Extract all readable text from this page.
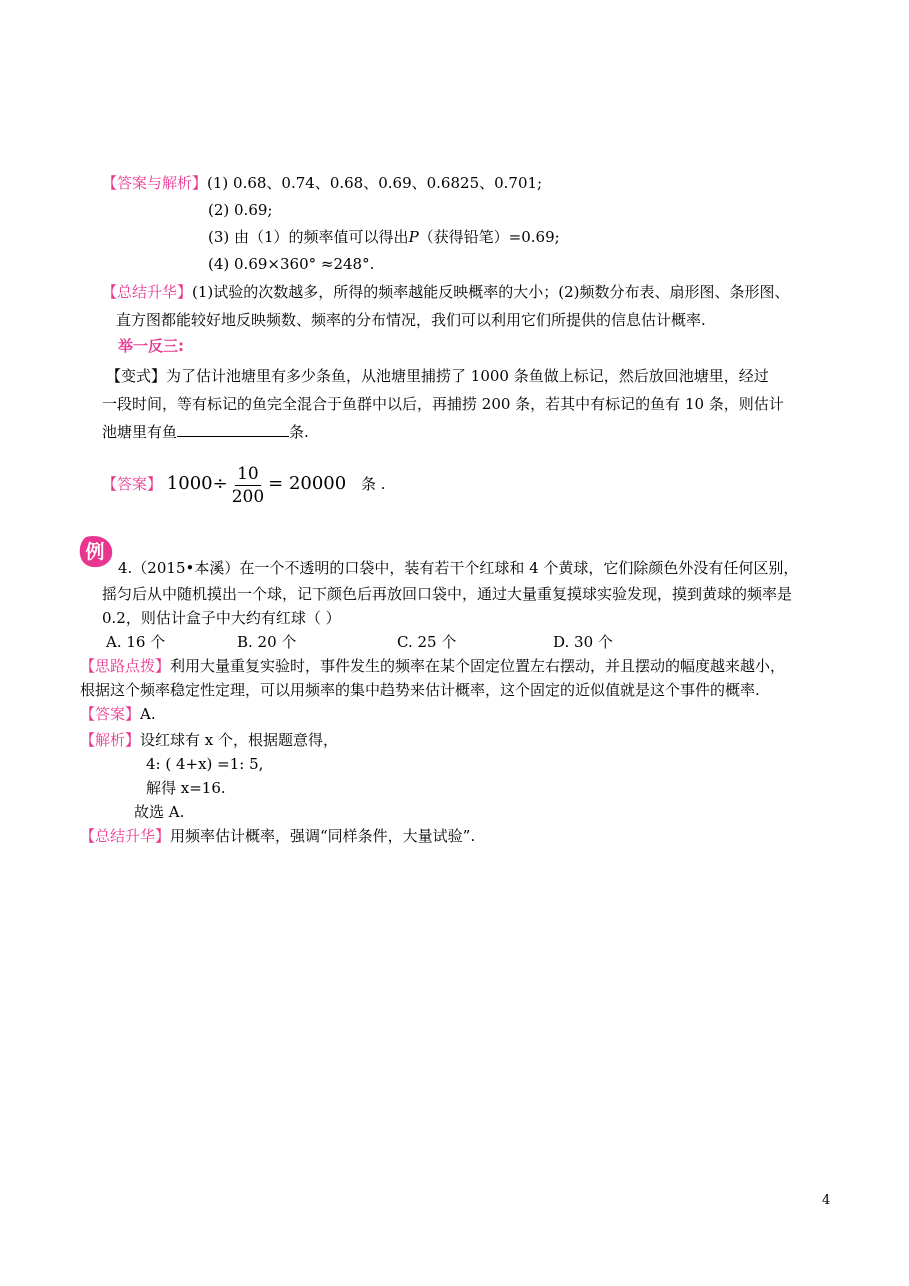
【答案与解析】(1) 0.68、0.74、0.68、0.69、0.6825、0.701;
(2) 0.69;
(3) 由（1）的频率值可以得出P（获得铅笔）=0.69;
(4) 0.69×360° ≈248°.
【总结升华】(1)试验的次数越多，所得的频率越能反映概率的大小；(2)频数分布表、扇形图、条形图、
直方图都能较好地反映频数、频率的分布情况，我们可以利用它们所提供的信息估计概率.
举一反三:
【变式】为了估计池塘里有多少条鱼，从池塘里捕捞了 1000 条鱼做上标记，然后放回池塘里，经过
一段时间，等有标记的鱼完全混合于鱼群中以后，再捕捞 200 条，若其中有标记的鱼有 10 条，则估计
池塘里有鱼	条.
【答案】 $1000\div \frac{10}{200} = 20000$ 条 .
例
4.（2015•本溪）在一个不透明的口袋中，装有若干个红球和 4 个黄球，它们除颜色外没有任何区别，
摇匀后从中随机摸出一个球，记下颜色后再放回口袋中，通过大量重复摸球实验发现，摸到黄球的频率是
0.2，则估计盒子中大约有红球（ ）
A. 16 个	B. 20 个	C. 25 个	D. 30 个
【思路点拨】利用大量重复实验时，事件发生的频率在某个固定位置左右摆动，并且摆动的幅度越来越小，
根据这个频率稳定性定理，可以用频率的集中趋势来估计概率，这个固定的近似值就是这个事件的概率.
【答案】A.
【解析】设红球有 x 个，根据题意得，
4: ( 4+x) =1: 5,
解得 x=16.
故选 A.
【总结升华】用频率估计概率，强调“同样条件，大量试验”.
4
